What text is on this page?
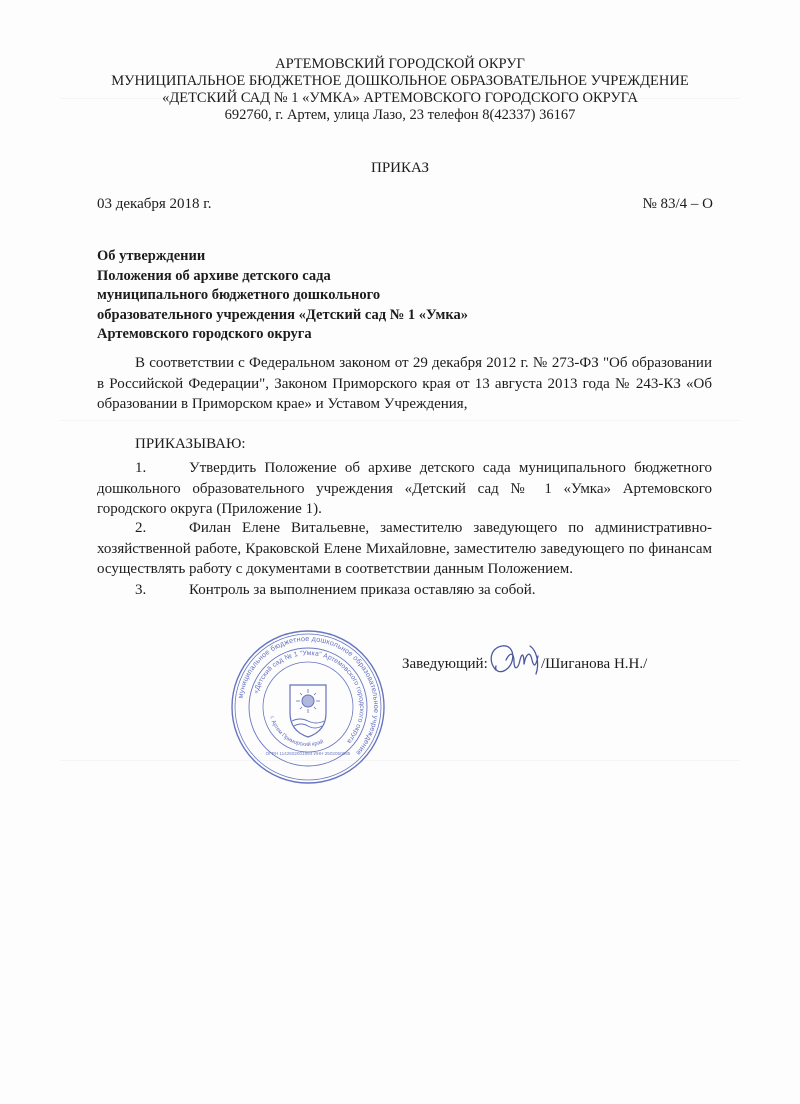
АРТЕМОВСКИЙ ГОРОДСКОЙ ОКРУГ
МУНИЦИПАЛЬНОЕ БЮДЖЕТНОЕ ДОШКОЛЬНОЕ ОБРАЗОВАТЕЛЬНОЕ УЧРЕЖДЕНИЕ
«ДЕТСКИЙ САД № 1 «УМКА» АРТЕМОВСКОГО ГОРОДСКОГО ОКРУГА
692760, г. Артем, улица Лазо, 23 телефон 8(42337) 36167
ПРИКАЗ
03 декабря 2018 г.	№ 83/4 – О
Об утверждении
Положения об архиве детского сада
муниципального бюджетного дошкольного
образовательного учреждения «Детский сад № 1 «Умка»
Артемовского городского округа
В соответствии с Федеральном законом от 29 декабря 2012 г. № 273-ФЗ "Об образовании в Российской Федерации", Законом Приморского края от 13 августа 2013 года № 243-КЗ «Об образовании в Приморском крае» и Уставом Учреждения,
ПРИКАЗЫВАЮ:
1.	Утвердить Положение об архиве детского сада муниципального бюджетного дошкольного образовательного учреждения «Детский сад № 1 «Умка» Артемовского городского округа (Приложение 1).
2.	Филан Елене Витальевне, заместителю заведующего по административно-хозяйственной работе, Краковской Елене Михайловне, заместителю заведующего по финансам осуществлять работу с документами в соответствии данным Положением.
3.	Контроль за выполнением приказа оставляю за собой.
муниципальное бюджетное дошкольное образовательное учреждение
«Детский сад № 1 "Умка" Артемовского городского округа
г. Артем Приморский край
ОГРН 1142502001894 ИНН 2502050085
Заведующий:	/Шиганова Н.Н./
